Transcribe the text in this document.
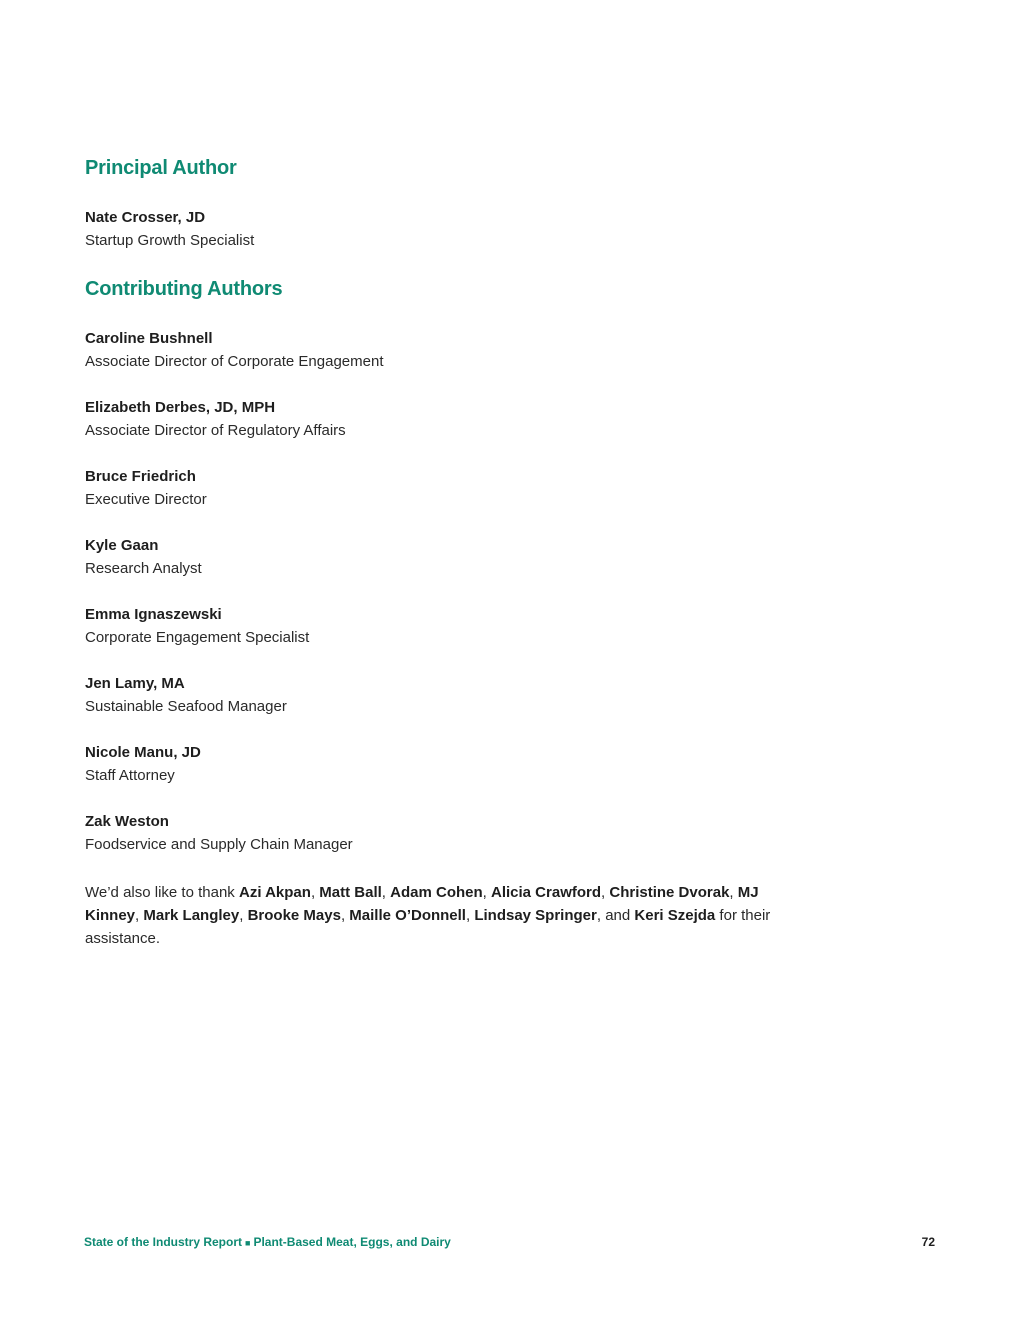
Principal Author
Nate Crosser, JD
Startup Growth Specialist
Contributing Authors
Caroline Bushnell
Associate Director of Corporate Engagement
Elizabeth Derbes, JD, MPH
Associate Director of Regulatory Affairs
Bruce Friedrich
Executive Director
Kyle Gaan
Research Analyst
Emma Ignaszewski
Corporate Engagement Specialist
Jen Lamy, MA
Sustainable Seafood Manager
Nicole Manu, JD
Staff Attorney
Zak Weston
Foodservice and Supply Chain Manager

We’d also like to thank Azi Akpan, Matt Ball, Adam Cohen, Alicia Crawford, Christine Dvorak, MJ Kinney, Mark Langley, Brooke Mays, Maille O’Donnell, Lindsay Springer, and Keri Szejda for their assistance.

State of the Industry Report ■ Plant-Based Meat, Eggs, and Dairy	72
